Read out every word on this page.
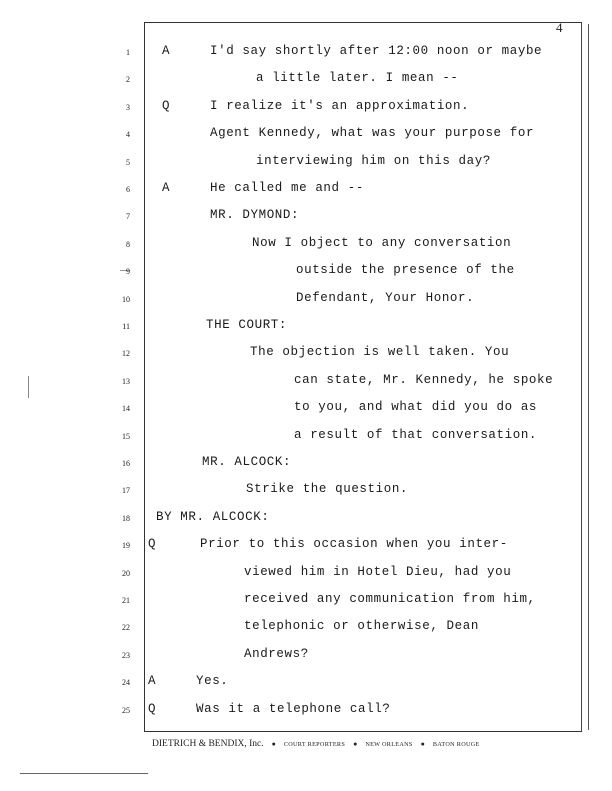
4
1	A	I'd say shortly after 12:00 noon or maybe
2	a little later. I mean --
3	Q	I realize it's an approximation.
4	Agent Kennedy, what was your purpose for
5	interviewing him on this day?
6	A	He called me and --
7	MR. DYMOND:
8	Now I object to any conversation
9	outside the presence of the
10	Defendant, Your Honor.
11	THE COURT:
12	The objection is well taken. You
13	can state, Mr. Kennedy, he spoke
14	to you, and what did you do as
15	a result of that conversation.
16	MR. ALCOCK:
17	Strike the question.
18 BY MR. ALCOCK:
19 Q	Prior to this occasion when you inter-
20	viewed him in Hotel Dieu, had you
21	received any communication from him,
22	telephonic or otherwise, Dean
23	Andrews?
24 A	Yes.
25 Q	Was it a telephone call?
DIETRICH & BENDIX, Inc. ● COURT REPORTERS ● NEW ORLEANS ● BATON ROUGE
